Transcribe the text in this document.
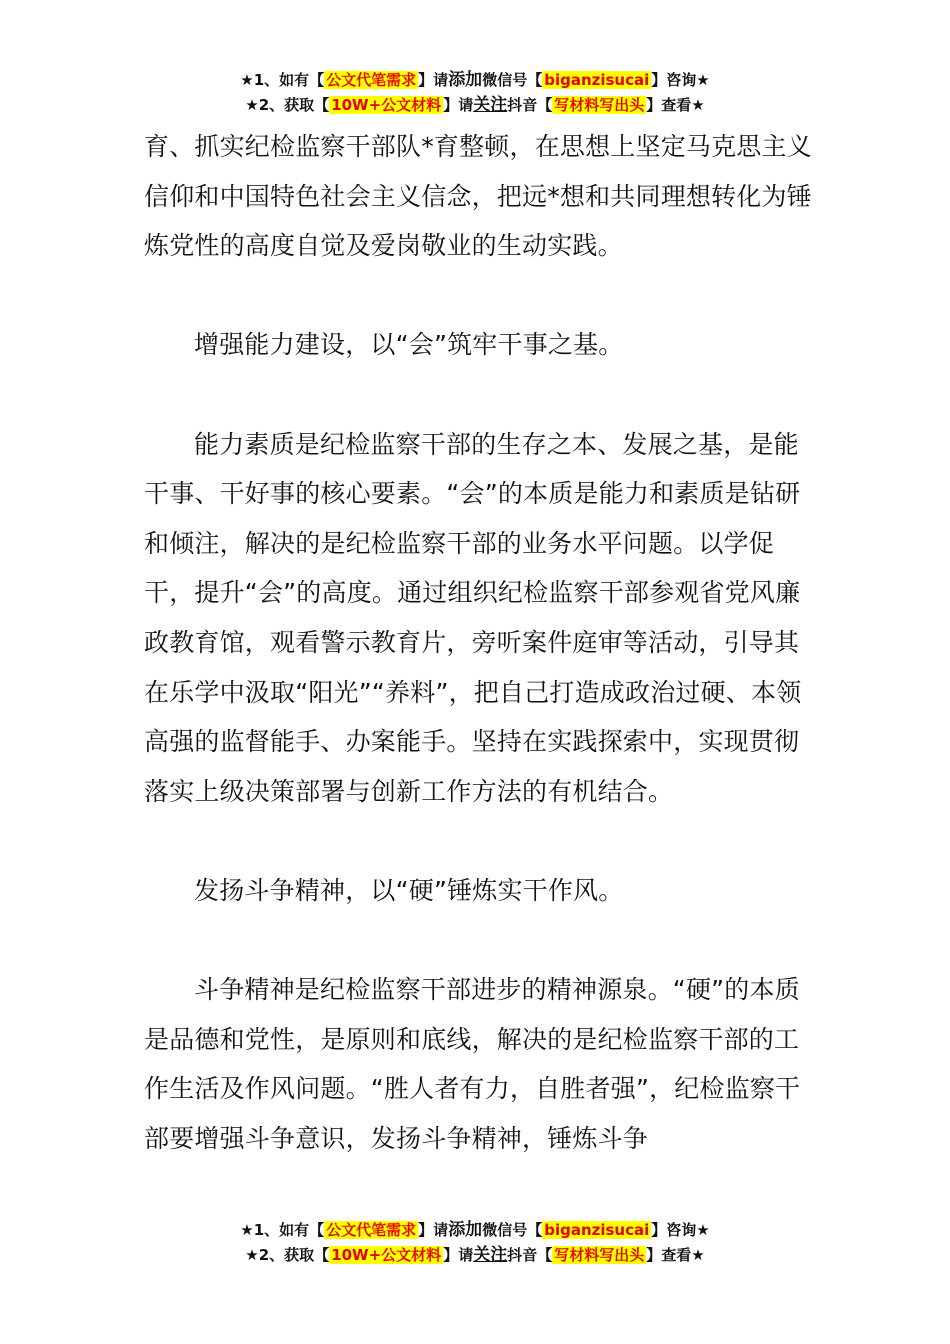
★1、如有【 公文代笔需求 】请添加微信号【 biganzisucai 】咨询★
★2、获取【 10W+公文材料 】请关注抖音【 写材料写出头 】查看★

育、抓实纪检监察干部队*育整顿，在思想上坚定马克思主义信仰和中国特色社会主义信念，把远*想和共同理想转化为锤炼党性的高度自觉及爱岗敬业的生动实践。

增强能力建设，以“会”筑牢干事之基。

能力素质是纪检监察干部的生存之本、发展之基，是能干事、干好事的核心要素。“会”的本质是能力和素质是钻研和倾注，解决的是纪检监察干部的业务水平问题。以学促干，提升“会”的高度。通过组织纪检监察干部参观省党风廉政教育馆，观看警示教育片，旁听案件庭审等活动，引导其在乐学中汲取“阳光”“养料”，把自己打造成政治过硬、本领高强的监督能手、办案能手。坚持在实践探索中，实现贯彻落实上级决策部署与创新工作方法的有机结合。

发扬斗争精神，以“硬”锤炼实干作风。

斗争精神是纪检监察干部进步的精神源泉。“硬”的本质是品德和党性，是原则和底线，解决的是纪检监察干部的工作生活及作风问题。“胜人者有力，自胜者强”，纪检监察干部要增强斗争意识，发扬斗争精神，锤炼斗争

★1、如有【 公文代笔需求 】请添加微信号【 biganzisucai 】咨询★
★2、获取【 10W+公文材料 】请关注抖音【 写材料写出头 】查看★
